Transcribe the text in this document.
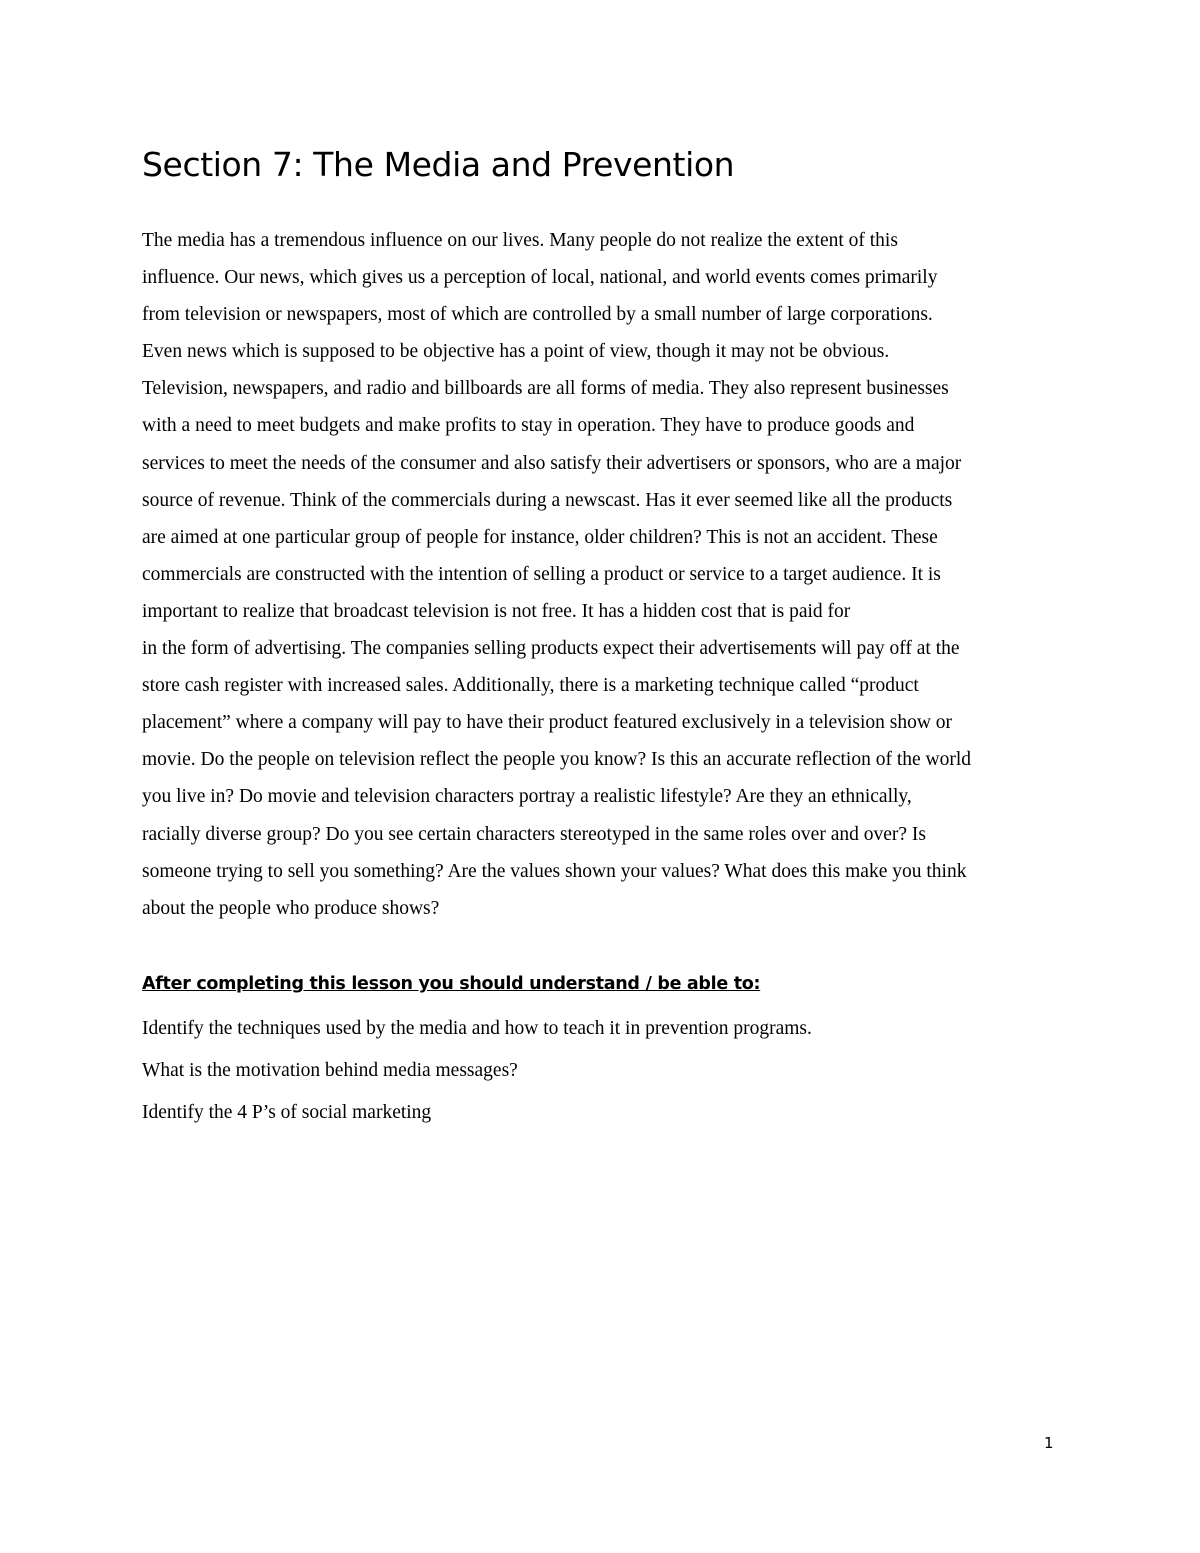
Section 7: The Media and Prevention
The media has a tremendous influence on our lives. Many people do not realize the extent of this
influence. Our news, which gives us a perception of local, national, and world events comes primarily
from television or newspapers, most of which are controlled by a small number of large corporations.
Even news which is supposed to be objective has a point of view, though it may not be obvious.
Television, newspapers, and radio and billboards are all forms of media. They also represent businesses
with a need to meet budgets and make profits to stay in operation. They have to produce goods and
services to meet the needs of the consumer and also satisfy their advertisers or sponsors, who are a major
source of revenue. Think of the commercials during a newscast. Has it ever seemed like all the products
are aimed at one particular group of people for instance, older children? This is not an accident. These
commercials are constructed with the intention of selling a product or service to a target audience. It is
important to realize that broadcast television is not free. It has a hidden cost that is paid for
in the form of advertising. The companies selling products expect their advertisements will pay off at the
store cash register with increased sales. Additionally, there is a marketing technique called “product
placement” where a company will pay to have their product featured exclusively in a television show or
movie. Do the people on television reflect the people you know? Is this an accurate reflection of the world
you live in? Do movie and television characters portray a realistic lifestyle? Are they an ethnically,
racially diverse group? Do you see certain characters stereotyped in the same roles over and over? Is
someone trying to sell you something? Are the values shown your values? What does this make you think
about the people who produce shows?
After completing this lesson you should understand / be able to:
Identify the techniques used by the media and how to teach it in prevention programs.
What is the motivation behind media messages?
Identify the 4 P’s of social marketing
1
